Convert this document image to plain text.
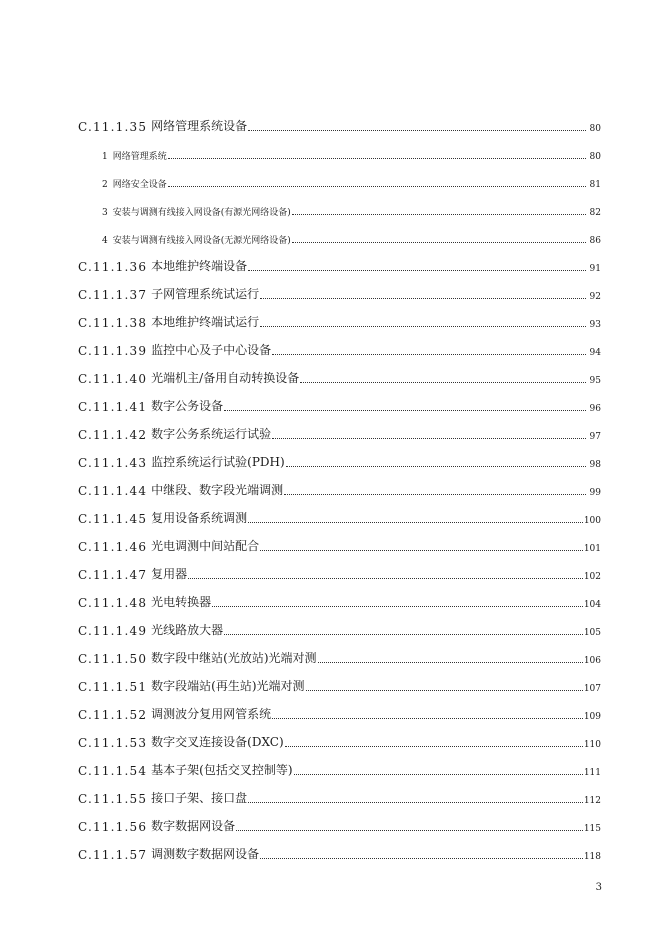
C.11.1.35 网络管理系统设备	80
1 网络管理系统	80
2 网络安全设备	81
3 安装与调测有线接入网设备(有源光网络设备)	82
4 安装与调测有线接入网设备(无源光网络设备)	86
C.11.1.36 本地维护终端设备	91
C.11.1.37 子网管理系统试运行	92
C.11.1.38 本地维护终端试运行	93
C.11.1.39 监控中心及子中心设备	94
C.11.1.40 光端机主/备用自动转换设备	95
C.11.1.41 数字公务设备	96
C.11.1.42 数字公务系统运行试验	97
C.11.1.43 监控系统运行试验(PDH)	98
C.11.1.44 中继段、数字段光端调测	99
C.11.1.45 复用设备系统调测	100
C.11.1.46 光电调测中间站配合	101
C.11.1.47 复用器	102
C.11.1.48 光电转换器	104
C.11.1.49 光线路放大器	105
C.11.1.50 数字段中继站(光放站)光端对测	106
C.11.1.51 数字段端站(再生站)光端对测	107
C.11.1.52 调测波分复用网管系统	109
C.11.1.53 数字交叉连接设备(DXC)	110
C.11.1.54 基本子架(包括交叉控制等)	111
C.11.1.55 接口子架、接口盘	112
C.11.1.56 数字数据网设备	115
C.11.1.57 调测数字数据网设备	118
3
